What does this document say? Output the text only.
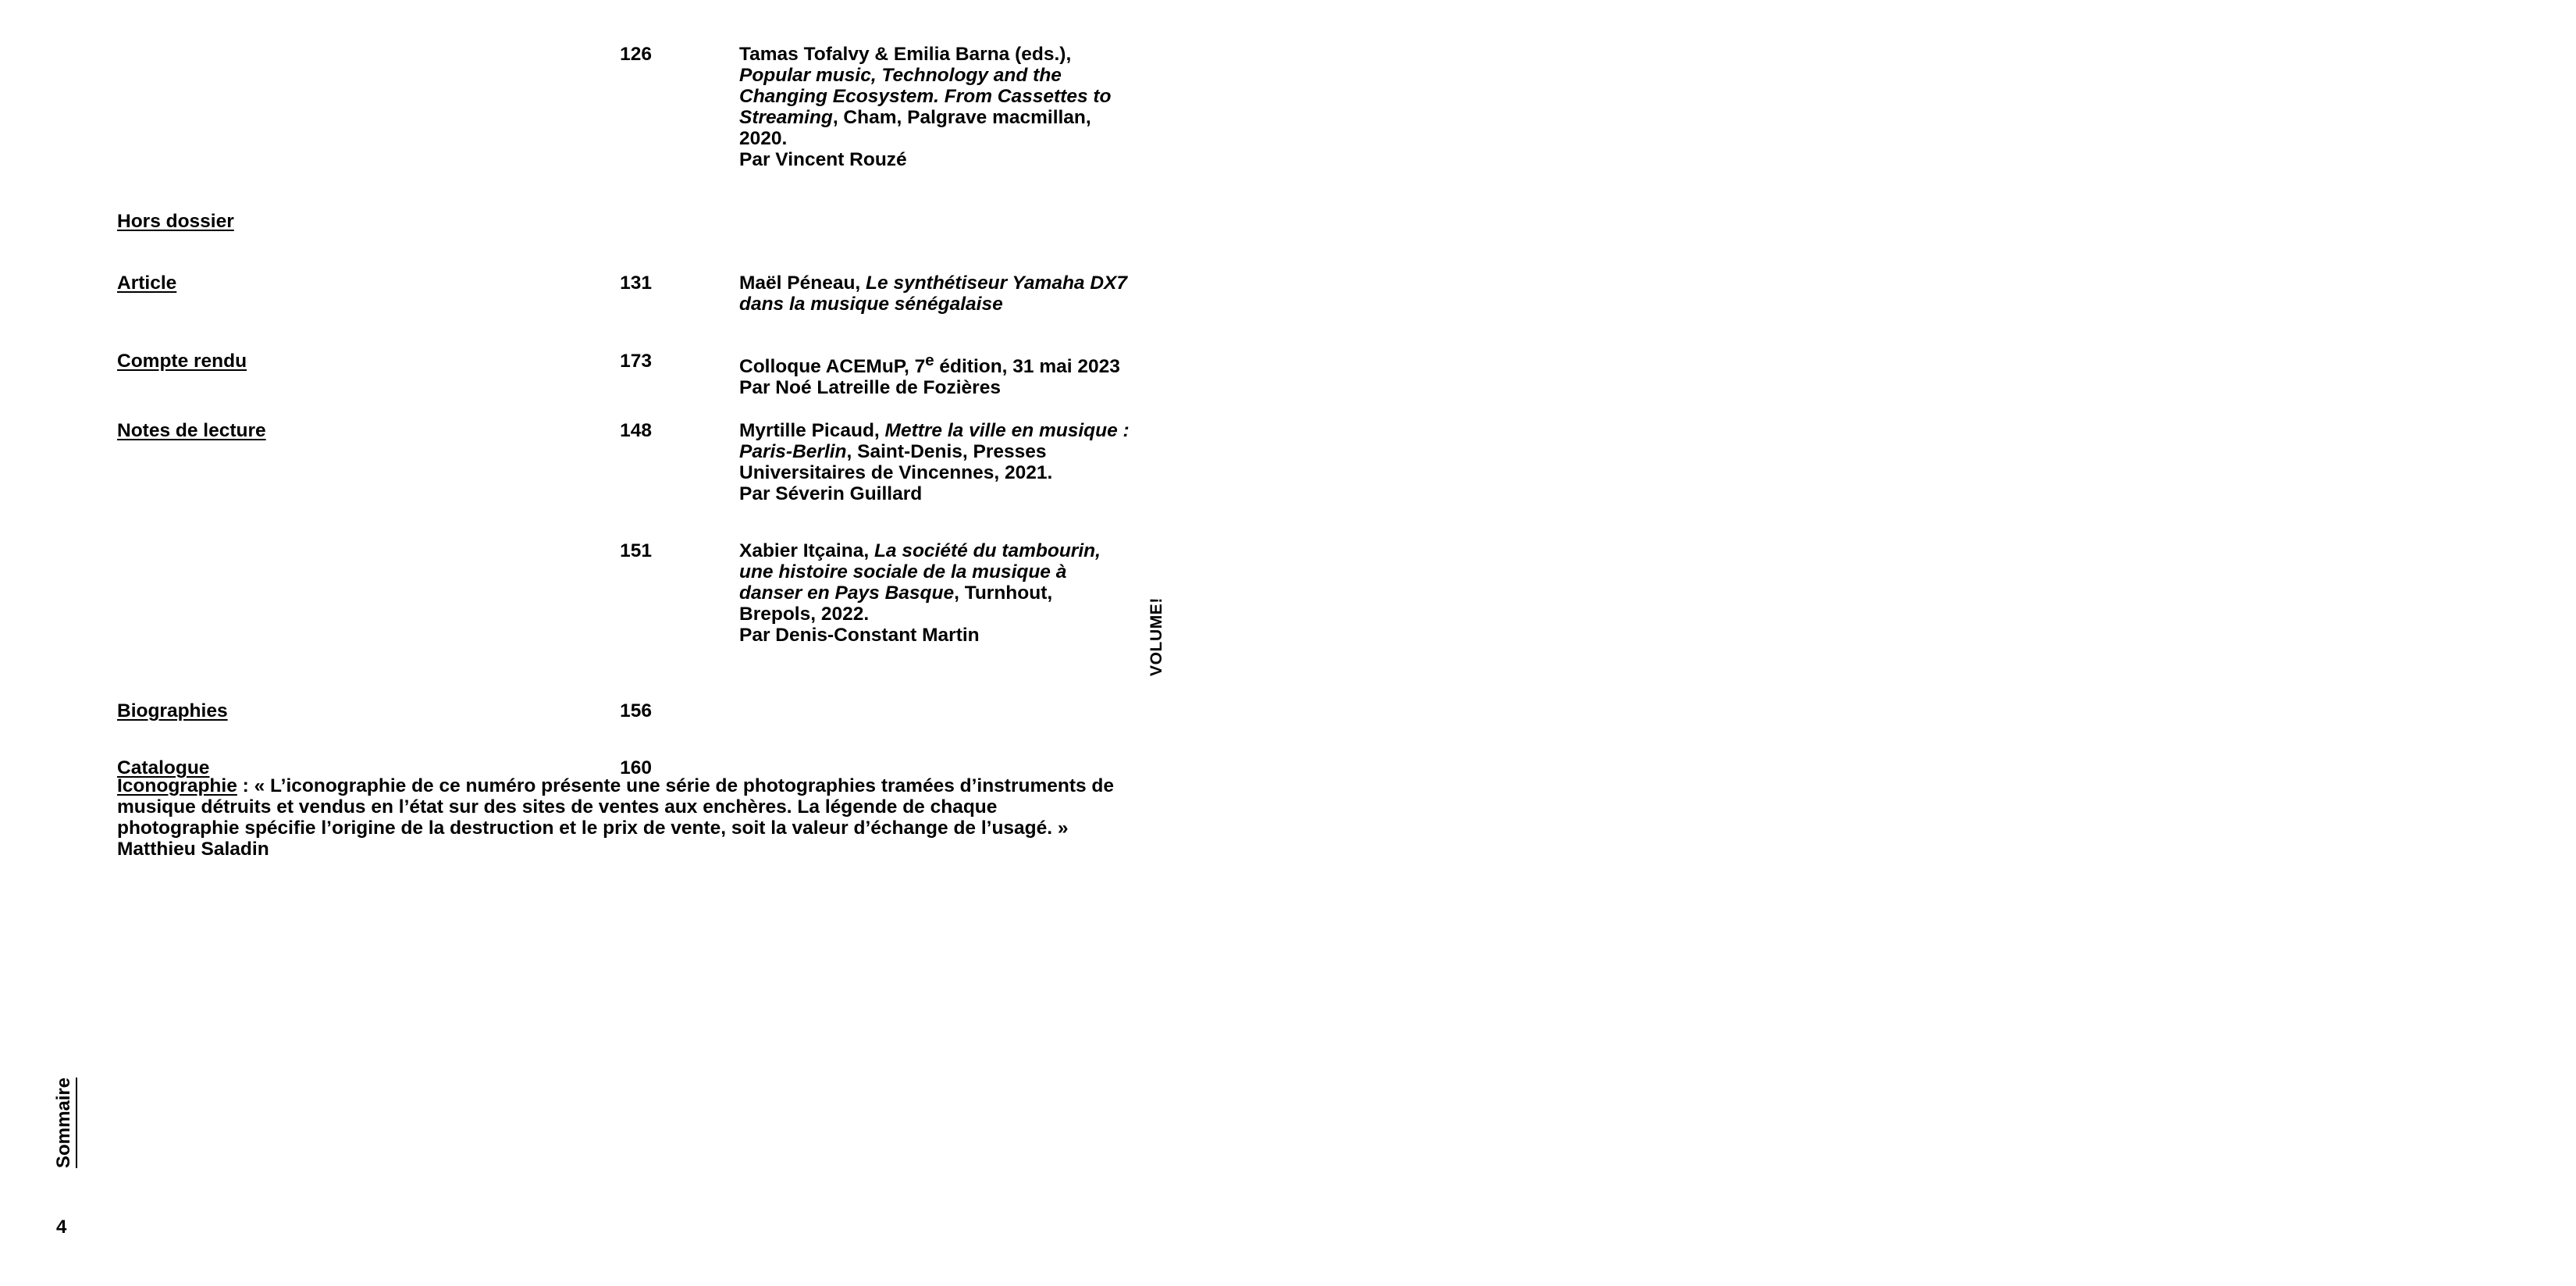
126	Tamas Tofalvy & Emilia Barna (eds.), Popular music, Technology and the Changing Ecosystem. From Cassettes to Streaming, Cham, Palgrave macmillan, 2020.
Par Vincent Rouzé
Hors dossier
Article	131	Maël Péneau, Le synthétiseur Yamaha DX7 dans la musique sénégalaise
Compte rendu	173	Colloque ACEMuP, 7e édition, 31 mai 2023
Par Noé Latreille de Fozières
Notes de lecture	148	Myrtille Picaud, Mettre la ville en musique : Paris-Berlin, Saint-Denis, Presses Universitaires de Vincennes, 2021.
Par Séverin Guillard
151	Xabier Itçaina, La société du tambourin, une histoire sociale de la musique à danser en Pays Basque, Turnhout, Brepols, 2022.
Par Denis-Constant Martin
Biographies	156
Catalogue	160
VOLUME!
Sommaire
Iconographie : « L’iconographie de ce numéro présente une série de photographies tramées d’instruments de musique détruits et vendus en l’état sur des sites de ventes aux enchères. La légende de chaque photographie spécifie l’origine de la destruction et le prix de vente, soit la valeur d’échange de l’usagé. »
Matthieu Saladin
4
